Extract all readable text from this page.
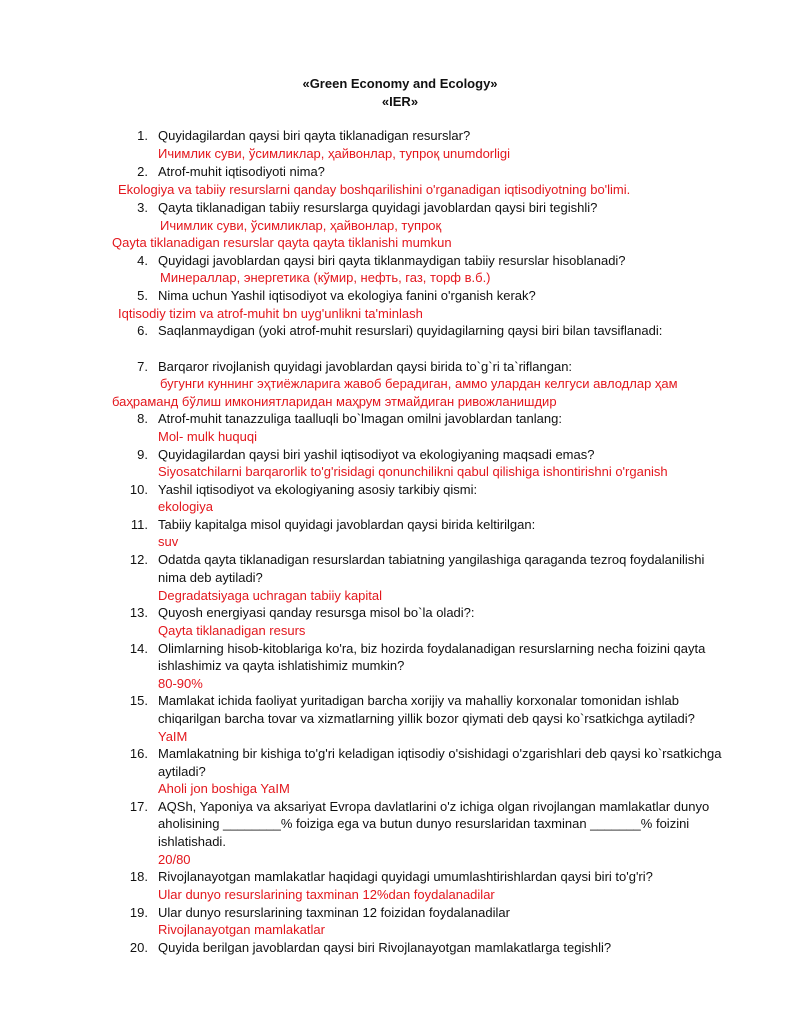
«Green Economy and Ecology»
«IER»
1. Quyidagilardan qaysi biri qayta tiklanadigan resurslar?
Ичимлик суви, ўсимликлар, ҳайвонлар, тупроқ unumdorligi
2. Atrof-muhit iqtisodiyoti nima?
Ekologiya va tabiiy resurslarni qanday boshqarilishini o'rganadigan iqtisodiyotning bo'limi.
3. Qayta tiklanadigan tabiiy resurslarga quyidagi javoblardan qaysi biri tegishli?
Ичимлик суви, ўсимликлар, ҳайвонлар, тупроқ
Qayta tiklanadigan resurslar qayta qayta tiklanishi mumkun
4. Quyidagi javoblardan qaysi biri qayta tiklanmaydigan tabiiy resurslar hisoblanadi?
Минераллар, энергетика (кўмир, нефть, газ, торф в.б.)
5. Nima uchun Yashil iqtisodiyot va ekologiya fanini o'rganish kerak?
Iqtisodiy tizim va atrof-muhit bn uyg'unlikni ta'minlash
6. Saqlanmaydigan (yoki atrof-muhit resurslari) quyidagilarning qaysi biri bilan tavsiflanadi:
7. Barqaror rivojlanish quyidagi javoblardan qaysi birida to`g`ri ta`riflangan:
бугунги куннинг эҳтиёжларига жавоб берадиган, аммо улардан келгуси авлодлар ҳам
баҳраманд бўлиш имкониятларидан маҳрум этмайдиган ривожланишдир
8. Atrof-muhit tanazzuliga taalluqli bo`lmagan omilni javoblardan tanlang:
Mol- mulk huquqi
9. Quyidagilardan qaysi biri yashil iqtisodiyot va ekologiyaning maqsadi emas?
Siyosatchilarni barqarorlik to'g'risidagi qonunchilikni qabul qilishiga ishontirishni o'rganish
10. Yashil iqtisodiyot va ekologiyaning asosiy tarkibiy qismi:
ekologiya
11. Tabiiy kapitalga misol quyidagi javoblardan qaysi birida keltirilgan:
suv
12. Odatda qayta tiklanadigan resurslardan tabiatning yangilashiga qaraganda tezroq foydalanilishi
nima deb aytiladi?
Degradatsiyaga uchragan tabiiy kapital
13. Quyosh energiyasi qanday resursga misol bo`la oladi?:
Qayta tiklanadigan resurs
14. Olimlarning hisob-kitoblariga ko'ra, biz hozirda foydalanadigan resurslarning necha foizini qayta
ishlashimiz va qayta ishlatishimiz mumkin?
80-90%
15. Mamlakat ichida faoliyat yuritadigan barcha xorijiy va mahalliy korxonalar tomonidan ishlab
chiqarilgan barcha tovar va xizmatlarning yillik bozor qiymati deb qaysi ko`rsatkichga aytiladi?
YaIM
16. Mamlakatning bir kishiga to'g'ri keladigan iqtisodiy o'sishidagi o'zgarishlari deb qaysi ko`rsatkichga
aytiladi?
Aholi jon boshiga YaIM
17. AQSh, Yaponiya va aksariyat Evropa davlatlarini o'z ichiga olgan rivojlangan mamlakatlar dunyo
aholisining ________% foiziga ega va butun dunyo resurslaridan taxminan _______% foizini
ishlatishadi.
20/80
18. Rivojlanayotgan mamlakatlar haqidagi quyidagi umumlashtirishlardan qaysi biri to'g'ri?
Ular dunyo resurslarining taxminan 12%dan foydalanadilar
19. Ular dunyo resurslarining taxminan 12 foizidan foydalanadilar
Rivojlanayotgan mamlakatlar
20. Quyida berilgan javoblardan qaysi biri Rivojlanayotgan mamlakatlarga tegishli?
